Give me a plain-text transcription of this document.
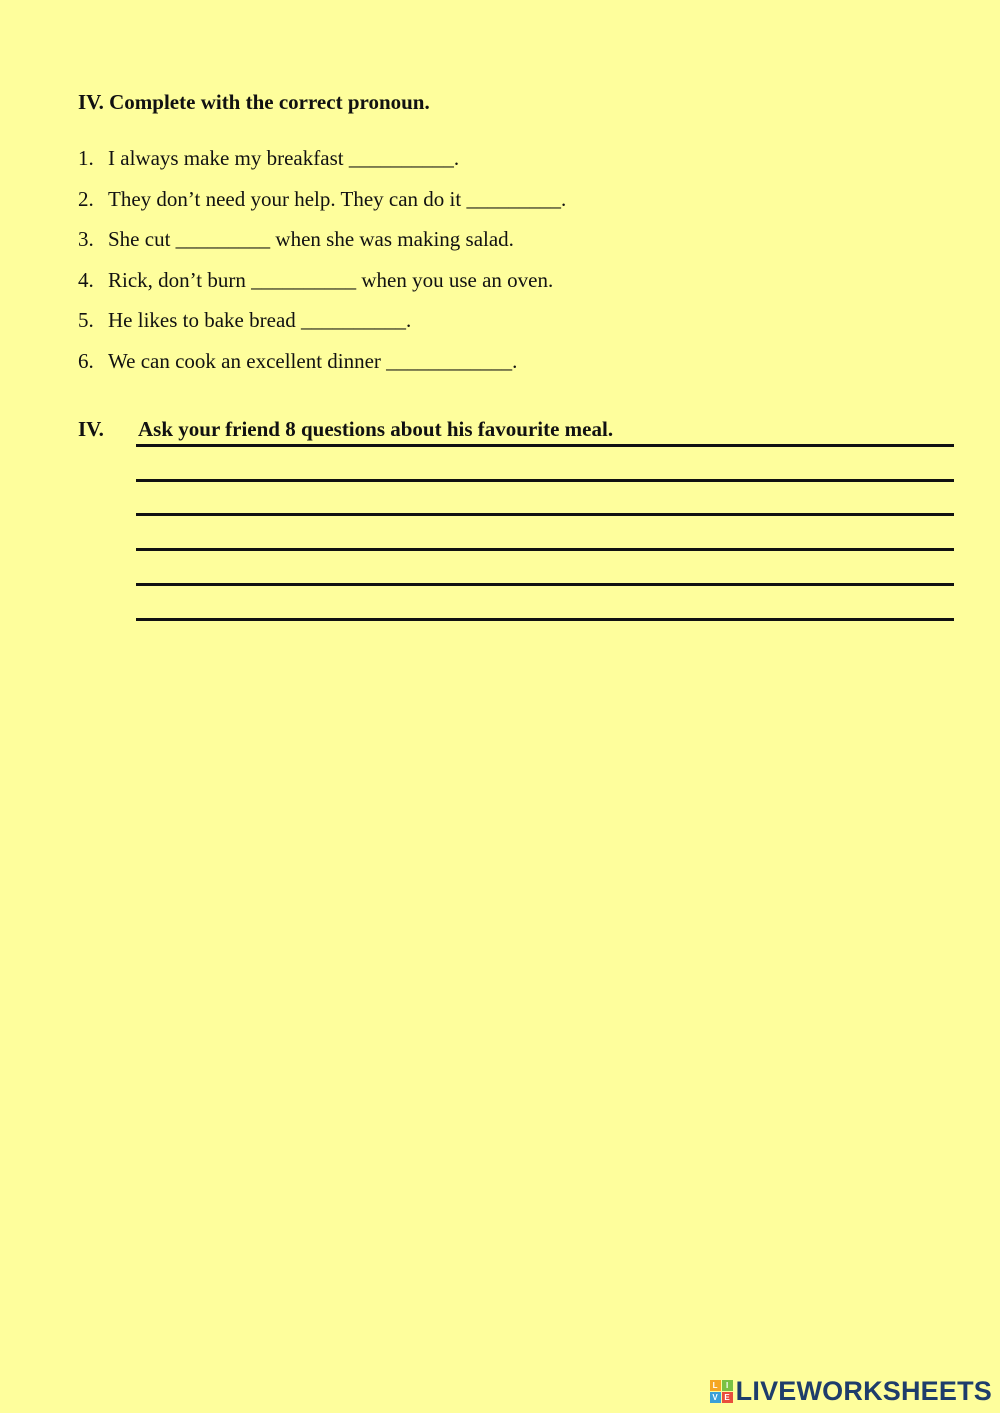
IV. Complete with the correct pronoun.
1. I always make my breakfast __________.
2. They don’t need your help. They can do it _________.
3. She cut _________ when she was making salad.
4. Rick, don’t burn __________ when you use an oven.
5. He likes to bake bread __________.
6. We can cook an excellent dinner ____________.
IV. Ask your friend 8 questions about his favourite meal.
L	I
V E LIVEWORKSHEETS
